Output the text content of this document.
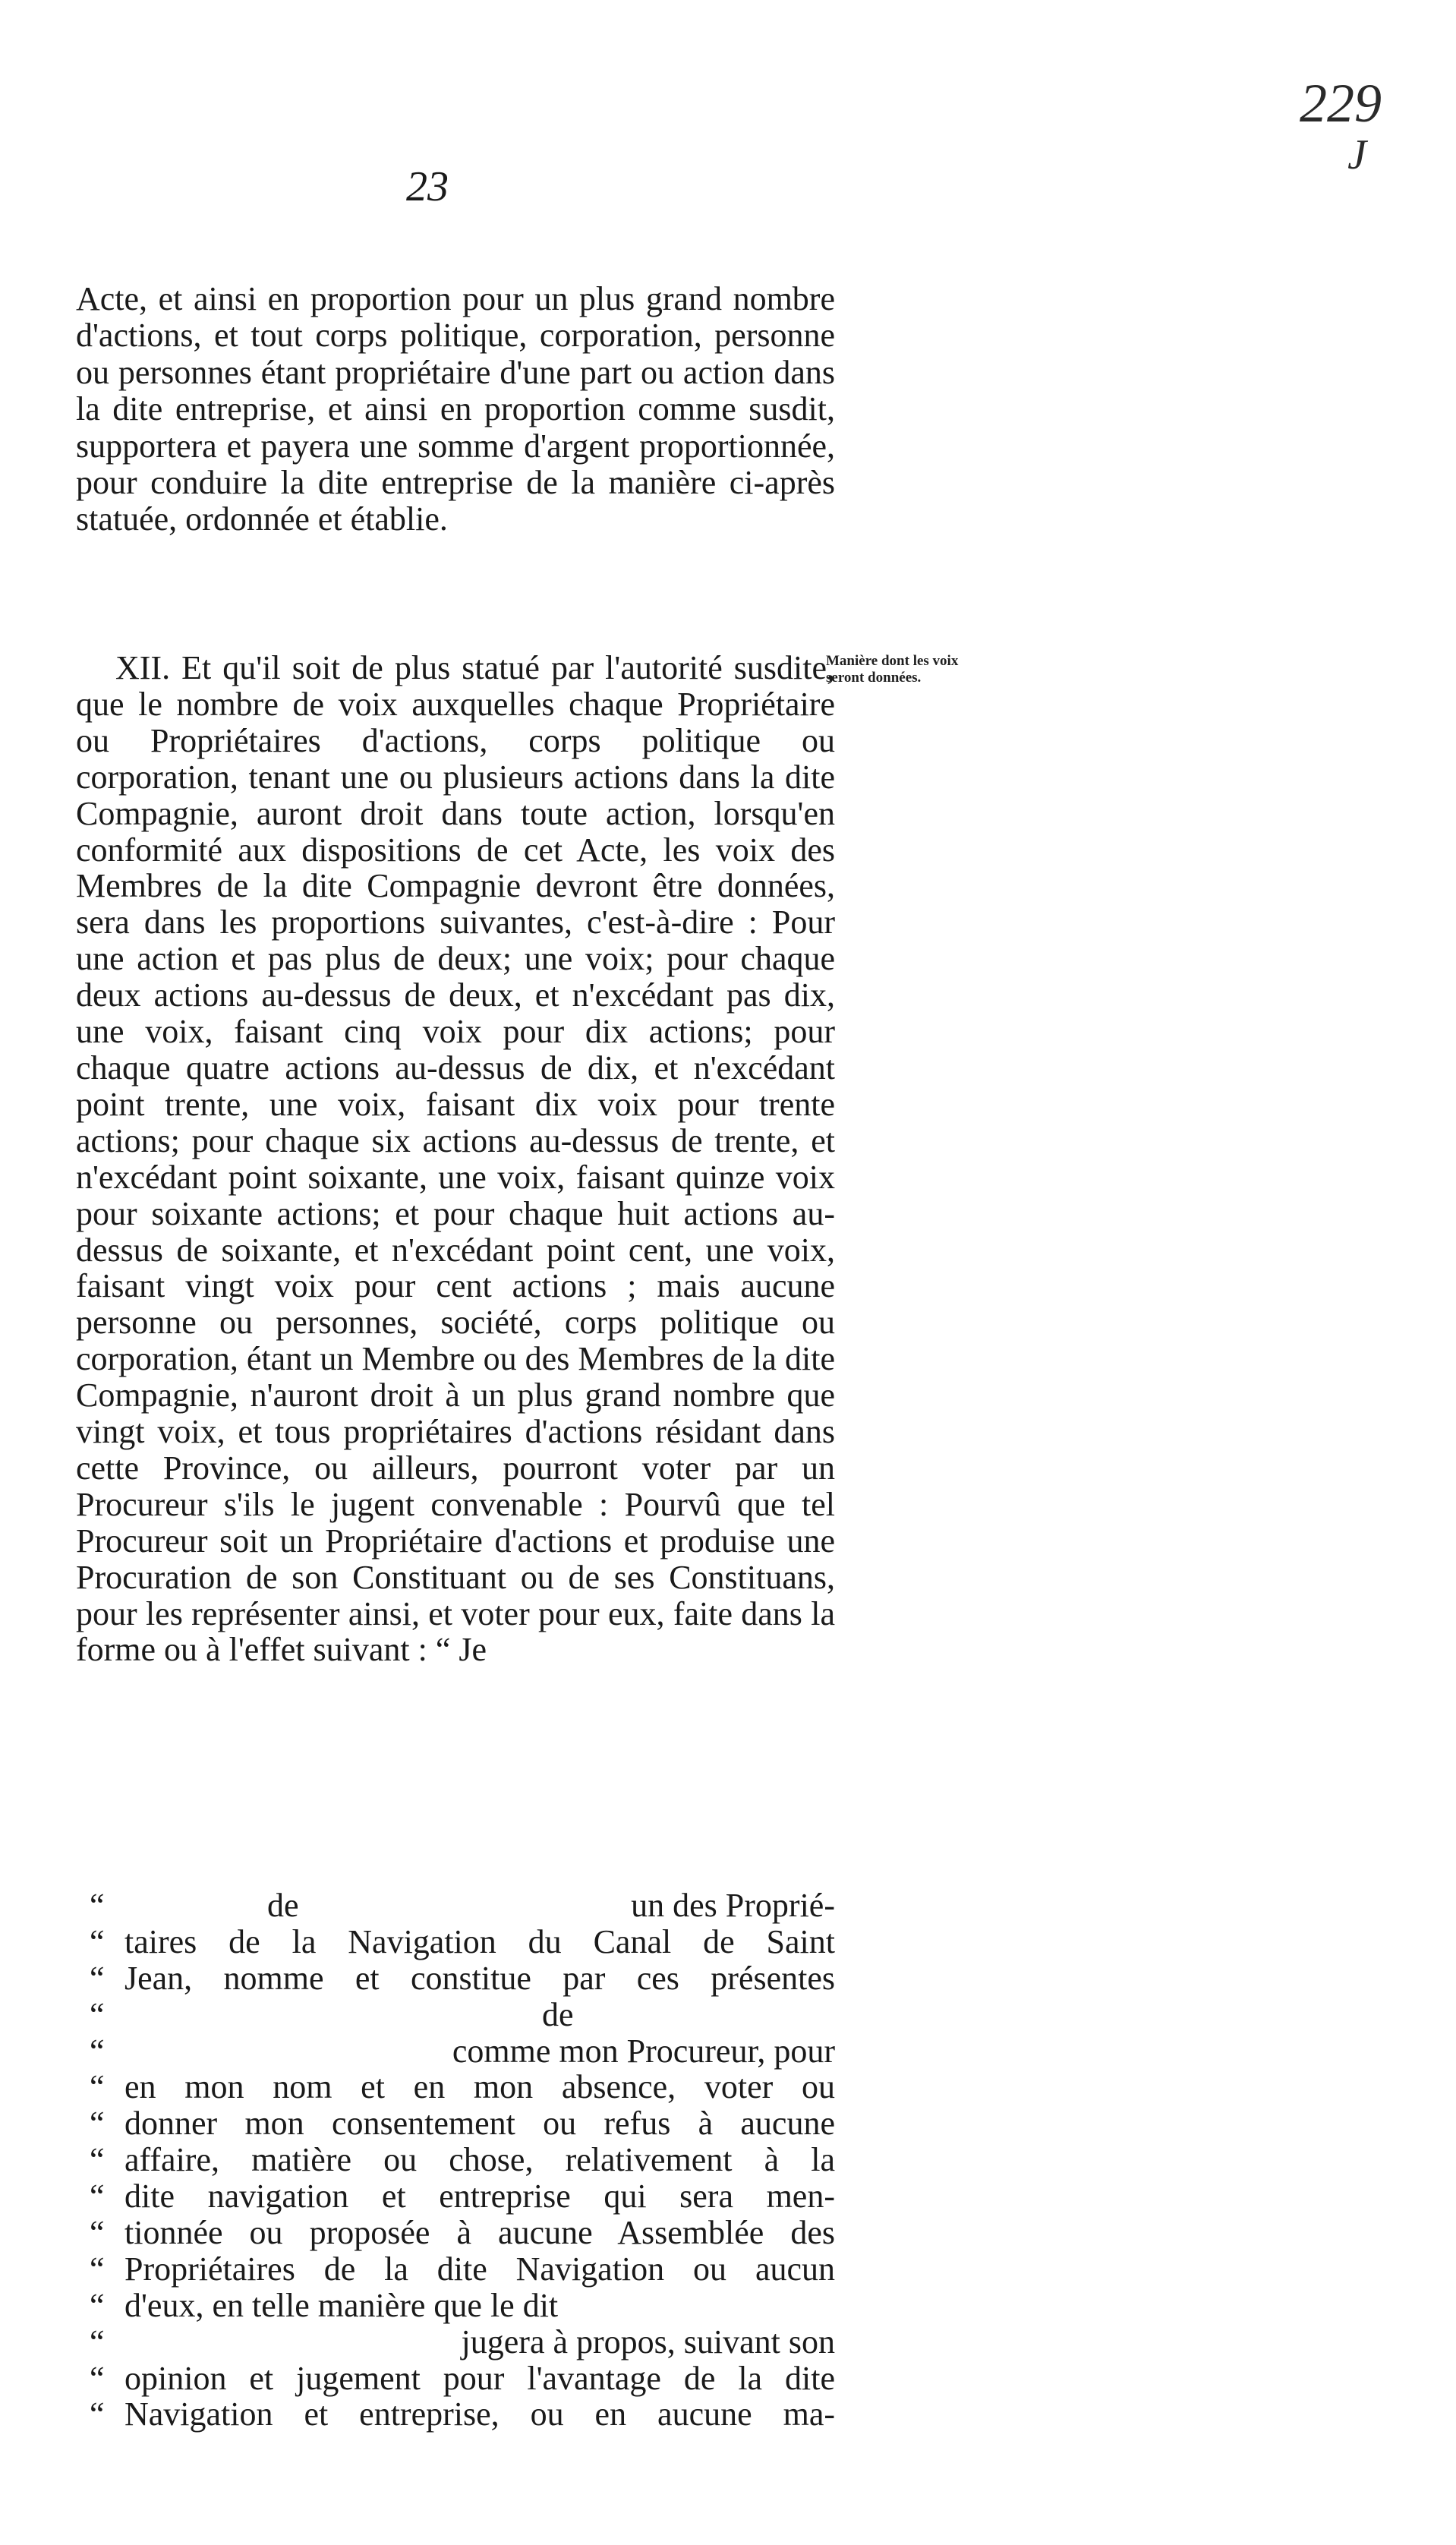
229
J
23

Acte, et ainsi en proportion pour un plus grand nombre d'actions, et tout corps politique, corporation, personne ou personnes étant propriétaire d'une part ou action dans la dite entreprise, et ainsi en proportion comme susdit, supportera et payera une somme d'argent proportionnée, pour conduire la dite entreprise de la manière ci-après statuée, ordonnée et établie.

XII. Et qu'il soit de plus statué par l'autorité susdite, que le nombre de voix auxquelles chaque Propriétaire ou Propriétaires d'actions, corps politique ou corporation, tenant une ou plusieurs actions dans la dite Compagnie, auront droit dans toute action, lorsqu'en conformité aux dispositions de cet Acte, les voix des Membres de la dite Compagnie devront être données, sera dans les proportions suivantes, c'est-à-dire : Pour une action et pas plus de deux; une voix; pour chaque deux actions au-dessus de deux, et n'excédant pas dix, une voix, faisant cinq voix pour dix actions; pour chaque quatre actions au-dessus de dix, et n'excédant point trente, une voix, faisant dix voix pour trente actions; pour chaque six actions au-dessus de trente, et n'excédant point soixante, une voix, faisant quinze voix pour soixante actions; et pour chaque huit actions au-dessus de soixante, et n'excédant point cent, une voix, faisant vingt voix pour cent actions ; mais aucune personne ou personnes, société, corps politique ou corporation, étant un Membre ou des Membres de la dite Compagnie, n'auront droit à un plus grand nombre que vingt voix, et tous propriétaires d'actions résidant dans cette Province, ou ailleurs, pourront voter par un Procureur s'ils le jugent convenable : Pourvû que tel Procureur soit un Propriétaire d'actions et produise une Procuration de son Constituant ou de ses Constituans, pour les représenter ainsi, et voter pour eux, faite dans la forme ou à l'effet suivant : “ Je

Manière dont les voix seront données.

“	de	un des Proprié-
“ taires de la Navigation du Canal de Saint
“ Jean, nomme et constitue par ces présentes
“	de
“	comme mon Procureur, pour
“ en mon nom et en mon absence, voter ou
“ donner mon consentement ou refus à aucune
“ affaire, matière ou chose, relativement à la
“ dite navigation et entreprise qui sera men-
“ tionnée ou proposée à aucune Assemblée des
“ Propriétaires de la dite Navigation ou aucun
“ d'eux, en telle manière que le dit
“	jugera à propos, suivant son
“ opinion et jugement pour l'avantage de la dite
“ Navigation et entreprise, ou en aucune ma-
